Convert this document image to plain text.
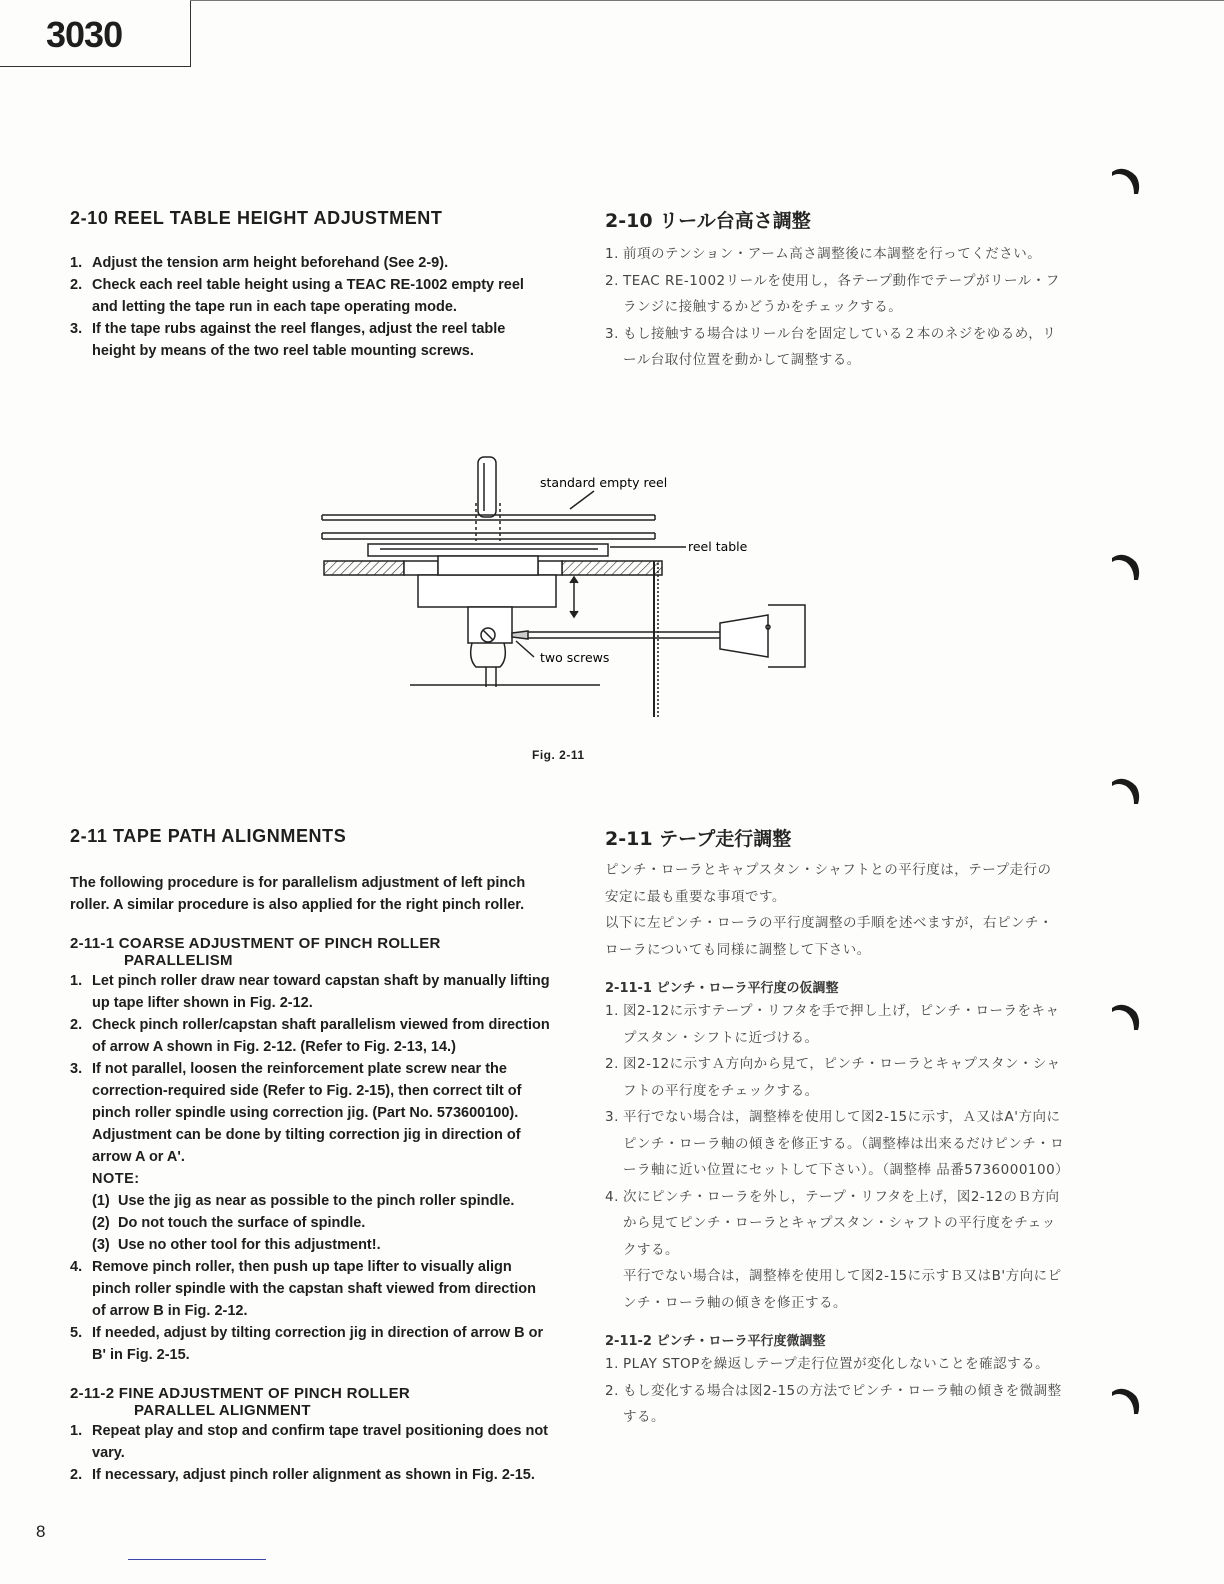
3030
2-10 REEL TABLE HEIGHT ADJUSTMENT
1. Adjust the tension arm height beforehand (See 2-9).
2. Check each reel table height using a TEAC RE-1002 empty reel and letting the tape run in each tape operating mode.
3. If the tape rubs against the reel flanges, adjust the reel table height by means of the two reel table mounting screws.
2-10 リール台高さ調整
1. 前項のテンション・アーム高さ調整後に本調整を行ってください。
2. TEAC RE-1002リールを使用し，各テープ動作でテープがリール・フランジに接触するかどうかをチェックする。
3. もし接触する場合はリール台を固定している２本のネジをゆるめ，リール台取付位置を動かして調整する。
standard empty reel
reel table
two screws
Fig. 2-11
2-11 TAPE PATH ALIGNMENTS

The following procedure is for parallelism adjustment of left pinch roller. A similar procedure is also applied for the right pinch roller.

2-11-1 COARSE ADJUSTMENT OF PINCH ROLLER
PARALLELISM
1. Let pinch roller draw near toward capstan shaft by manually lifting up tape lifter shown in Fig. 2-12.
2. Check pinch roller/capstan shaft parallelism viewed from direction of arrow A shown in Fig. 2-12. (Refer to Fig. 2-13, 14.)
3. If not parallel, loosen the reinforcement plate screw near the correction-required side (Refer to Fig. 2-15), then correct tilt of pinch roller spindle using correction jig. (Part No. 573600100). Adjustment can be done by tilting correction jig in direction of arrow A or A'.
NOTE:
(1) Use the jig as near as possible to the pinch roller spindle.
(2) Do not touch the surface of spindle.
(3) Use no other tool for this adjustment!.
4. Remove pinch roller, then push up tape lifter to visually align pinch roller spindle with the capstan shaft viewed from direction of arrow B in Fig. 2-12.
5. If needed, adjust by tilting correction jig in direction of arrow B or B' in Fig. 2-15.
2-11-2 FINE ADJUSTMENT OF PINCH ROLLER
PARALLEL ALIGNMENT
1. Repeat play and stop and confirm tape travel positioning does not vary.
2. If necessary, adjust pinch roller alignment as shown in Fig. 2-15.
2-11 テープ走行調整

ピンチ・ローラとキャプスタン・シャフトとの平行度は，テープ走行の安定に最も重要な事項です。

以下に左ピンチ・ローラの平行度調整の手順を述べますが，右ピンチ・ローラについても同様に調整して下さい。

2-11-1 ピンチ・ローラ平行度の仮調整
1. 図2-12に示すテープ・リフタを手で押し上げ，ピンチ・ローラをキャプスタン・シフトに近づける。
2. 図2-12に示すＡ方向から見て，ピンチ・ローラとキャプスタン・シャフトの平行度をチェックする。
3. 平行でない場合は，調整棒を使用して図2-15に示す，Ａ又はA'方向にピンチ・ローラ軸の傾きを修正する。（調整棒は出来るだけピンチ・ローラ軸に近い位置にセットして下さい）。（調整棒 品番5736000100）
4. 次にピンチ・ローラを外し，テープ・リフタを上げ，図2-12のＢ方向から見てピンチ・ローラとキャプスタン・シャフトの平行度をチェックする。
平行でない場合は，調整棒を使用して図2-15に示すＢ又はB'方向にピンチ・ローラ軸の傾きを修正する。
2-11-2 ピンチ・ローラ平行度微調整
1. PLAY STOPを繰返しテープ走行位置が変化しないことを確認する。
2. もし変化する場合は図2-15の方法でピンチ・ローラ軸の傾きを微調整する。
8
